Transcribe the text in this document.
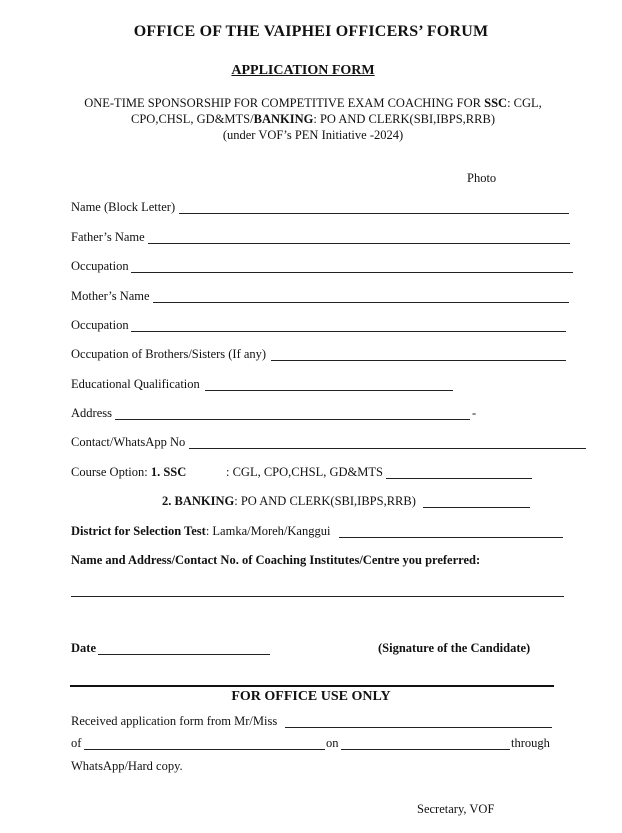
OFFICE OF THE VAIPHEI OFFICERS’ FORUM
APPLICATION FORM
ONE-TIME SPONSORSHIP FOR COMPETITIVE EXAM COACHING FOR SSC: CGL,
CPO,CHSL, GD&MTS/BANKING: PO AND CLERK(SBI,IBPS,RRB)
(under VOF’s PEN Initiative -2024)
Photo
Name (Block Letter)
Father’s Name
Occupation
Mother’s Name
Occupation
Occupation of Brothers/Sisters (If any)
Educational Qualification
Address	-
Contact/WhatsApp No
Course Option: 1. SSC	: CGL, CPO,CHSL, GD&MTS
2. BANKING: PO AND CLERK(SBI,IBPS,RRB)
District for Selection Test: Lamka/Moreh/Kanggui
Name and Address/Contact No. of Coaching Institutes/Centre you preferred:
Date	(Signature of the Candidate)
FOR OFFICE USE ONLY
Received application form from Mr/Miss
of	on	through
WhatsApp/Hard copy.
Secretary, VOF
